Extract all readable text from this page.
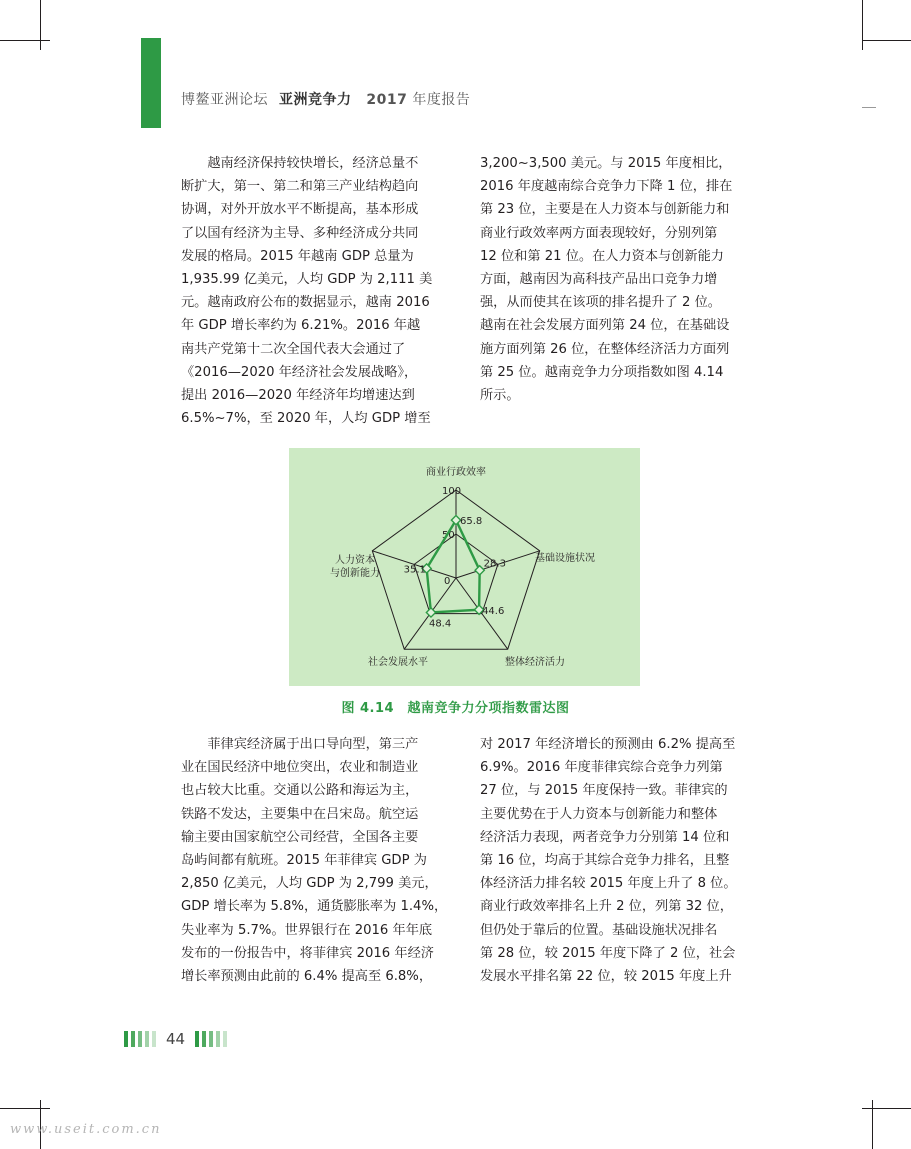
博鳌亚洲论坛 亚洲竞争力 2017 年度报告
　　越南经济保持较快增长，经济总量不
断扩大，第一、第二和第三产业结构趋向
协调，对外开放水平不断提高，基本形成
了以国有经济为主导、多种经济成分共同
发展的格局。2015 年越南 GDP 总量为
1,935.99 亿美元，人均 GDP 为 2,111 美
元。越南政府公布的数据显示，越南 2016
年 GDP 增长率约为 6.21%。2016 年越
南共产党第十二次全国代表大会通过了
《2016—2020 年经济社会发展战略》，
提出 2016—2020 年经济年均增速达到
6.5%~7%，至 2020 年，人均 GDP 增至
3,200~3,500 美元。与 2015 年度相比，
2016 年度越南综合竞争力下降 1 位，排在
第 23 位，主要是在人力资本与创新能力和
商业行政效率两方面表现较好，分别列第
12 位和第 21 位。在人力资本与创新能力
方面，越南因为高科技产品出口竞争力增
强，从而使其在该项的排名提升了 2 位。
越南在社会发展方面列第 24 位，在基础设
施方面列第 26 位，在整体经济活力方面列
第 25 位。越南竞争力分项指数如图 4.14
所示。
0
50
100
65.8
28.3
44.6
48.4
35.1
商业行政效率
基础设施状况
整体经济活力
社会发展水平
人力资本
与创新能力
图 4.14　越南竞争力分项指数雷达图
　　菲律宾经济属于出口导向型，第三产
业在国民经济中地位突出，农业和制造业
也占较大比重。交通以公路和海运为主，
铁路不发达，主要集中在吕宋岛。航空运
输主要由国家航空公司经营，全国各主要
岛屿间都有航班。2015 年菲律宾 GDP 为
2,850 亿美元，人均 GDP 为 2,799 美元，
GDP 增长率为 5.8%，通货膨胀率为 1.4%，
失业率为 5.7%。世界银行在 2016 年年底
发布的一份报告中，将菲律宾 2016 年经济
增长率预测由此前的 6.4% 提高至 6.8%，
对 2017 年经济增长的预测由 6.2% 提高至
6.9%。2016 年度菲律宾综合竞争力列第
27 位，与 2015 年度保持一致。菲律宾的
主要优势在于人力资本与创新能力和整体
经济活力表现，两者竞争力分别第 14 位和
第 16 位，均高于其综合竞争力排名，且整
体经济活力排名较 2015 年度上升了 8 位。
商业行政效率排名上升 2 位，列第 32 位，
但仍处于靠后的位置。基础设施状况排名
第 28 位，较 2015 年度下降了 2 位，社会
发展水平排名第 22 位，较 2015 年度上升
44
www.useit.com.cn
